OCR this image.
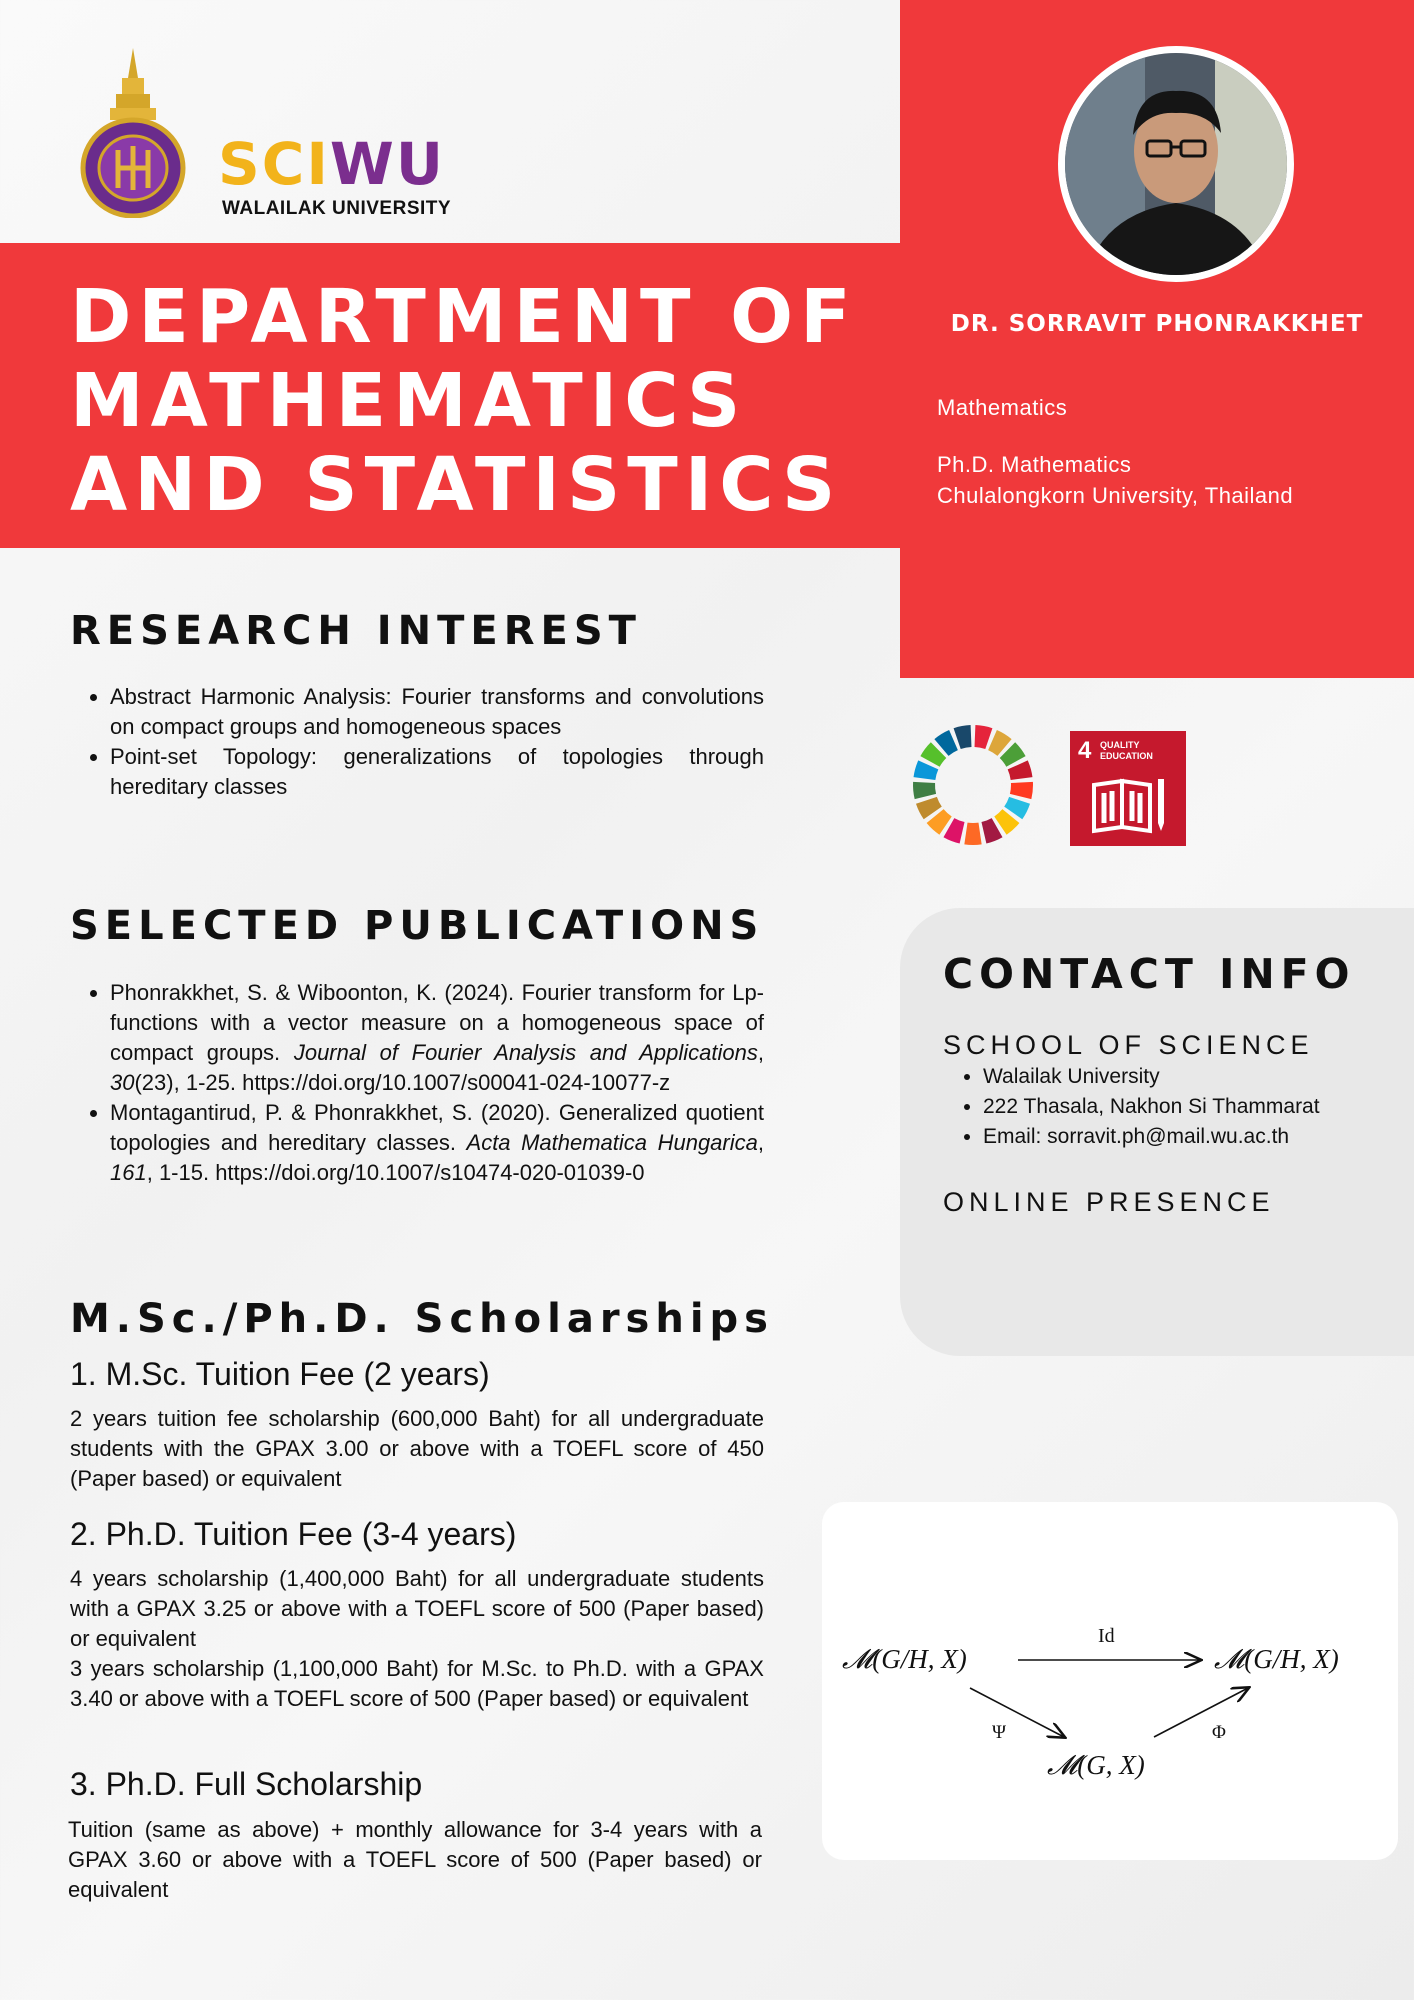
SCIWU
WALAILAK UNIVERSITY
DEPARTMENT OF MATHEMATICS AND STATISTICS
DR. SORRAVIT PHONRAKKHET
Mathematics
Ph.D. Mathematics
Chulalongkorn University, Thailand
RESEARCH INTEREST
• Abstract Harmonic Analysis: Fourier transforms and convolutions on compact groups and homogeneous spaces
• Point-set Topology: generalizations of topologies through hereditary classes
4 QUALITY
EDUCATION
SELECTED PUBLICATIONS
• Phonrakkhet, S. & Wiboonton, K. (2024). Fourier transform for Lp-functions with a vector measure on a homogeneous space of compact groups. Journal of Fourier Analysis and Applications, 30(23), 1-25. https://doi.org/10.1007/s00041-024-10077-z
• Montagantirud, P. & Phonrakkhet, S. (2020). Generalized quotient topologies and hereditary classes. Acta Mathematica Hungarica, 161, 1-15. https://doi.org/10.1007/s10474-020-01039-0
CONTACT INFO
SCHOOL OF SCIENCE
• Walailak University
• 222 Thasala, Nakhon Si Thammarat
• Email: sorravit.ph@mail.wu.ac.th
ONLINE PRESENCE
M.Sc./Ph.D. Scholarships
1. M.Sc. Tuition Fee (2 years)
2 years tuition fee scholarship (600,000 Baht) for all undergraduate students with the GPAX 3.00 or above with a TOEFL score of 450 (Paper based) or equivalent
2. Ph.D. Tuition Fee (3-4 years)
4 years scholarship (1,400,000 Baht) for all undergraduate students with a GPAX 3.25 or above with a TOEFL score of 500 (Paper based) or equivalent
3 years scholarship (1,100,000 Baht) for M.Sc. to Ph.D. with a GPAX 3.40 or above with a TOEFL score of 500 (Paper based) or equivalent
3. Ph.D. Full Scholarship
Tuition (same as above) + monthly allowance for 3-4 years with a GPAX 3.60 or above with a TOEFL score of 500 (Paper based) or equivalent
𝓜(G/H, X)	𝓜(G/H, X)
𝓜(G, X)
Id
Ψ	Φ
